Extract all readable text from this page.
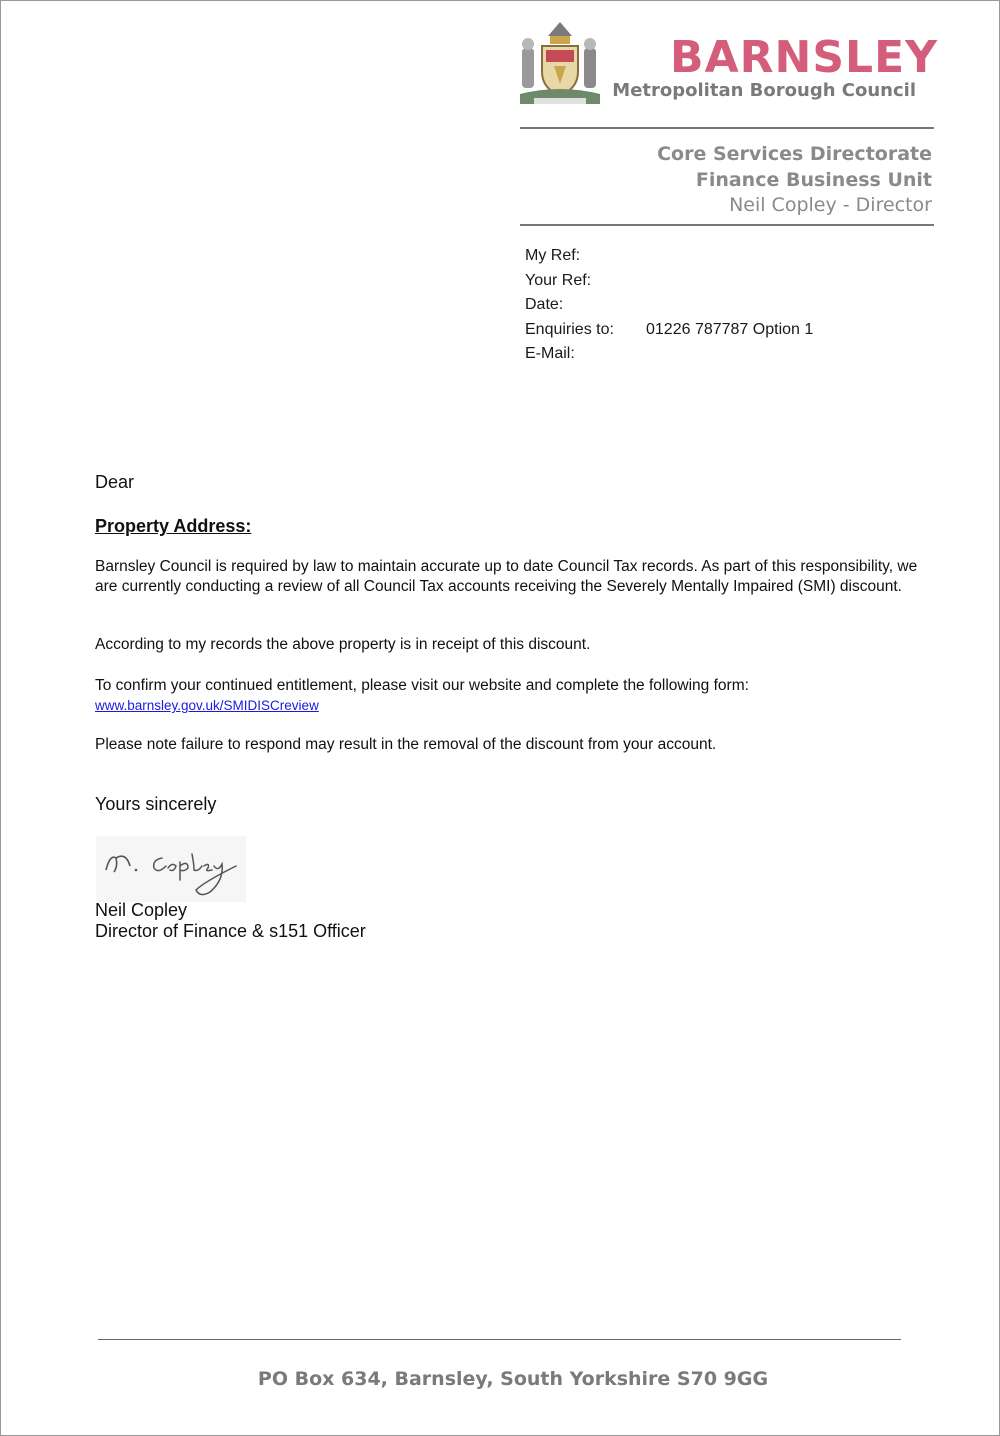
BARNSLEY
Metropolitan Borough Council
Core Services Directorate
Finance Business Unit
Neil Copley - Director
My Ref:
Your Ref:
Date:
Enquiries to:	01226 787787 Option 1
E-Mail:
Dear
Property Address:
Barnsley Council is required by law to maintain accurate up to date Council Tax records. As part of this responsibility, we are currently conducting a review of all Council Tax accounts receiving the Severely Mentally Impaired (SMI) discount.
According to my records the above property is in receipt of this discount.
To confirm your continued entitlement, please visit our website and complete the following form:
www.barnsley.gov.uk/SMIDISCreview
Please note failure to respond may result in the removal of the discount from your account.
Yours sincerely
Neil Copley
Director of Finance & s151 Officer
PO Box 634, Barnsley, South Yorkshire S70 9GG
